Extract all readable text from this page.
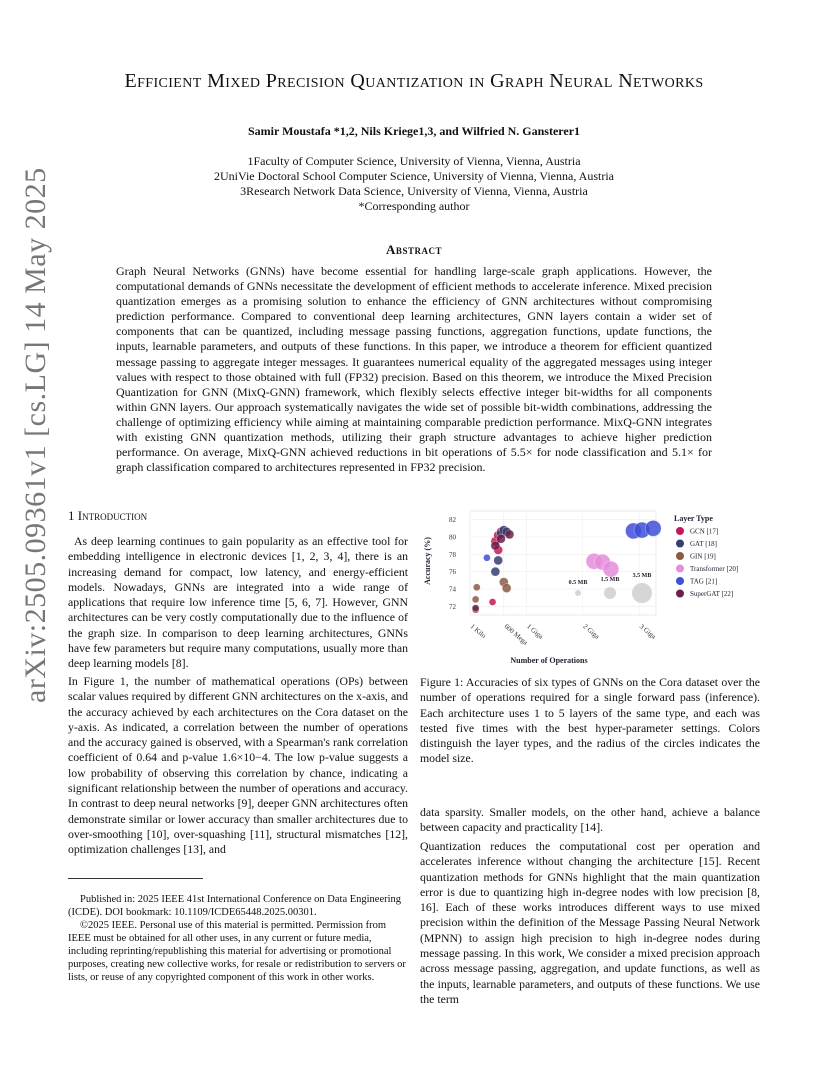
arXiv:2505.09361v1 [cs.LG] 14 May 2025
Efficient Mixed Precision Quantization in Graph Neural Networks
Samir Moustafa *1,2, Nils Kriege1,3, and Wilfried N. Gansterer1
1Faculty of Computer Science, University of Vienna, Vienna, Austria
2UniVie Doctoral School Computer Science, University of Vienna, Vienna, Austria
3Research Network Data Science, University of Vienna, Vienna, Austria
*Corresponding author
Abstract
Graph Neural Networks (GNNs) have become essential for handling large-scale graph applications. However, the computational demands of GNNs necessitate the development of efficient methods to accelerate inference. Mixed precision quantization emerges as a promising solution to enhance the efficiency of GNN architectures without compromising prediction performance. Compared to conventional deep learning architectures, GNN layers contain a wider set of components that can be quantized, including message passing functions, aggregation functions, update functions, the inputs, learnable parameters, and outputs of these functions. In this paper, we introduce a theorem for efficient quantized message passing to aggregate integer messages. It guarantees numerical equality of the aggregated messages using integer values with respect to those obtained with full (FP32) precision. Based on this theorem, we introduce the Mixed Precision Quantization for GNN (MixQ-GNN) framework, which flexibly selects effective integer bit-widths for all components within GNN layers. Our approach systematically navigates the wide set of possible bit-width combinations, addressing the challenge of optimizing efficiency while aiming at maintaining comparable prediction performance. MixQ-GNN integrates with existing GNN quantization methods, utilizing their graph structure advantages to achieve higher prediction performance. On average, MixQ-GNN achieved reductions in bit operations of 5.5× for node classification and 5.1× for graph classification compared to architectures represented in FP32 precision.
1 Introduction
As deep learning continues to gain popularity as an effective tool for embedding intelligence in electronic devices [1, 2, 3, 4], there is an increasing demand for compact, low latency, and energy-efficient models. Nowadays, GNNs are integrated into a wide range of applications that require low inference time [5, 6, 7]. However, GNN architectures can be very costly computationally due to the influence of the graph size. In comparison to deep learning architectures, GNNs have few parameters but require many computations, usually more than deep learning models [8].
In Figure 1, the number of mathematical operations (OPs) between scalar values required by different GNN architectures on the x-axis, and the accuracy achieved by each architectures on the Cora dataset on the y-axis. As indicated, a correlation between the number of operations and the accuracy gained is observed, with a Spearman's rank correlation coefficient of 0.64 and p-value 1.6×10−4. The low p-value suggests a low probability of observing this correlation by chance, indicating a significant relationship between the number of operations and accuracy. In contrast to deep neural networks [9], deeper GNN architectures often demonstrate similar or lower accuracy than smaller architectures due to over-smoothing [10], over-squashing [11], structural mismatches [12], optimization challenges [13], and
Published in: 2025 IEEE 41st International Conference on Data Engineering (ICDE). DOI bookmark: 10.1109/ICDE65448.2025.00301.
©2025 IEEE. Personal use of this material is permitted. Permission from IEEE must be obtained for all other uses, in any current or future media, including reprinting/republishing this material for advertising or promotional purposes, creating new collective works, for resale or redistribution to servers or lists, or reuse of any copyrighted component of this work in other works.
72
74
76
78
80
82
1 Kilo 600 Mega
1 Giga	2 Giga	3 Giga
Accuracy (%)
Number of Operations
Layer Type
GCN [17]
GAT [18]
GIN [19]
Transformer [20]
TAG [21]
SuperGAT [22]
0.5 MB 1.5 MB
3.5 MB
Figure 1: Accuracies of six types of GNNs on the Cora dataset over the number of operations required for a single forward pass (inference). Each architecture uses 1 to 5 layers of the same type, and each was tested five times with the best hyper-parameter settings. Colors distinguish the layer types, and the radius of the circles indicates the model size.
data sparsity. Smaller models, on the other hand, achieve a balance between capacity and practicality [14].
Quantization reduces the computational cost per operation and accelerates inference without changing the architecture [15]. Recent quantization methods for GNNs highlight that the main quantization error is due to quantizing high in-degree nodes with low precision [8, 16]. Each of these works introduces different ways to use mixed precision within the definition of the Message Passing Neural Network (MPNN) to assign high precision to high in-degree nodes during message passing. In this work, We consider a mixed precision approach across message passing, aggregation, and update functions, as well as the inputs, learnable parameters, and outputs of these functions. We use the term
